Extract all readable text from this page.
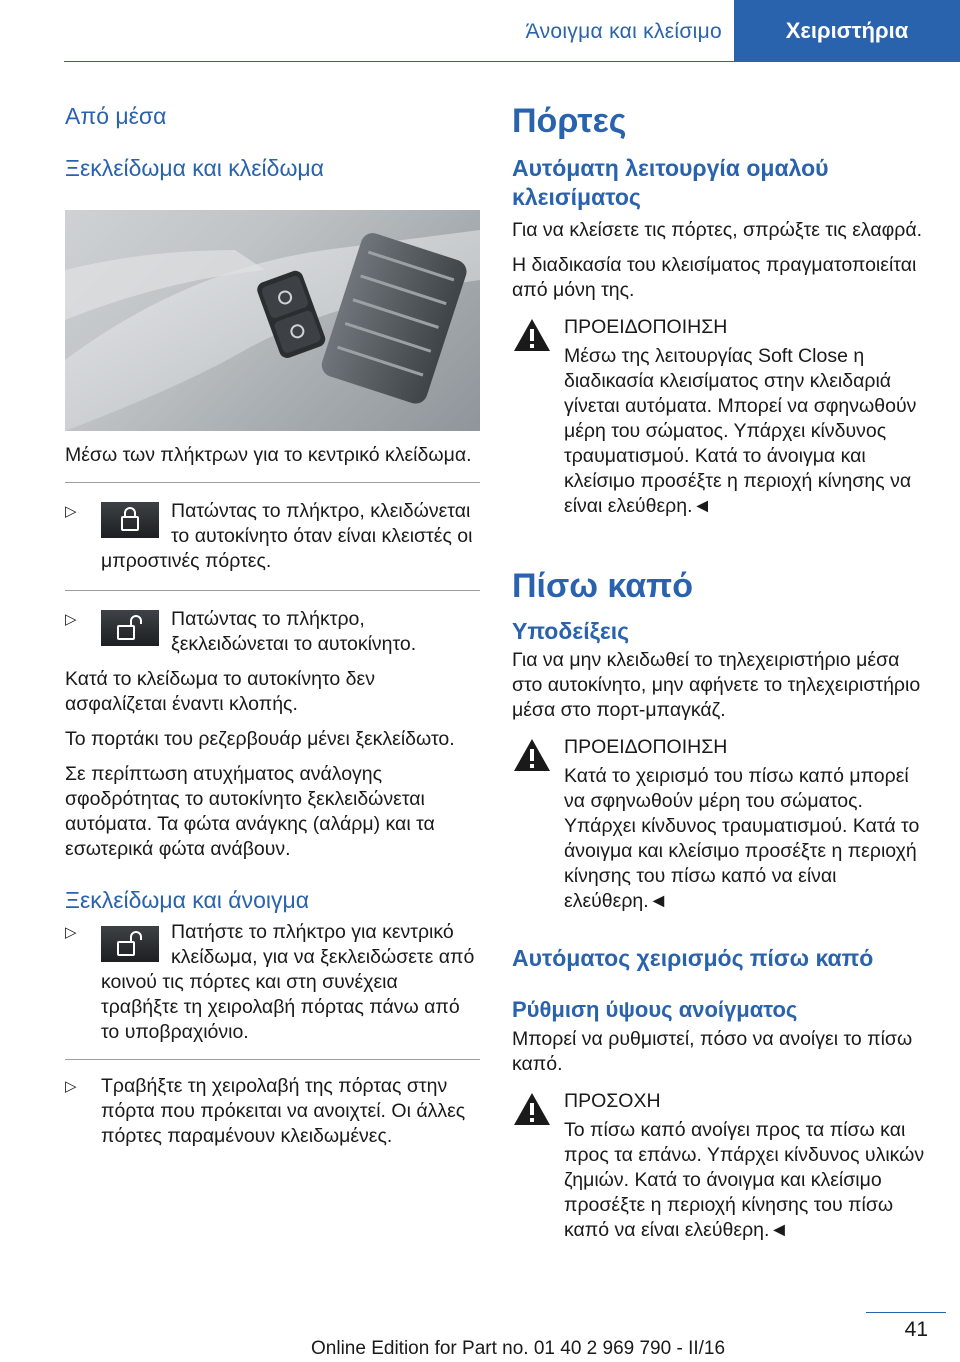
Άνοιγμα και κλείσιμο	Χειριστήρια
Από μέσα
Ξεκλείδωμα και κλείδωμα

Μέσω των πλήκτρων για το κεντρικό κλείδωμα.

▷	Πατώντας το πλήκτρο, κλειδώνεται το αυτοκίνητο όταν είναι κλειστές οι μπροστινές πόρτες.

▷	Πατώντας το πλήκτρο, ξεκλειδώνεται το αυτοκίνητο.

Κατά το κλείδωμα το αυτοκίνητο δεν ασφαλίζεται έναντι κλοπής.

Το πορτάκι του ρεζερβουάρ μένει ξεκλείδωτο.

Σε περίπτωση ατυχήματος ανάλογης σφοδρότητας το αυτοκίνητο ξεκλειδώνεται αυτόματα. Τα φώτα ανάγκης (αλάρμ) και τα εσωτερικά φώτα ανάβουν.

Ξεκλείδωμα και άνοιγμα
▷	Πατήστε το πλήκτρο για κεντρικό κλείδωμα, για να ξεκλειδώσετε από κοινού τις πόρτες και στη συνέχεια τραβήξτε τη χειρολαβή πόρτας πάνω από το υποβραχιόνιο.

▷ Τραβήξτε τη χειρολαβή της πόρτας στην πόρτα που πρόκειται να ανοιχτεί. Οι άλλες πόρτες παραμένουν κλειδωμένες.

Πόρτες
Αυτόματη λειτουργία ομαλού κλεισίματος

Για να κλείσετε τις πόρτες, σπρώξτε τις ελαφρά.

Η διαδικασία του κλεισίματος πραγματοποιείται από μόνη της.

ΠΡΟΕΙΔΟΠΟΙΗΣΗ

Μέσω της λειτουργίας Soft Close η διαδικασία κλεισίματος στην κλειδαριά γίνεται αυτόματα. Μπορεί να σφηνωθούν μέρη του σώματος. Υπάρχει κίνδυνος τραυματισμού. Κατά το άνοιγμα και κλείσιμο προσέξτε η περιοχή κίνησης να είναι ελεύθερη.◄

Πίσω καπό
Υποδείξεις

Για να μην κλειδωθεί το τηλεχειριστήριο μέσα στο αυτοκίνητο, μην αφήνετε το τηλεχειριστήριο μέσα στο πορτ-μπαγκάζ.

ΠΡΟΕΙΔΟΠΟΙΗΣΗ

Κατά το χειρισμό του πίσω καπό μπορεί να σφηνωθούν μέρη του σώματος. Υπάρχει κίνδυνος τραυματισμού. Κατά το άνοιγμα και κλείσιμο προσέξτε η περιοχή κίνησης του πίσω καπό να είναι ελεύθερη.◄

Αυτόματος χειρισμός πίσω καπό
Ρύθμιση ύψους ανοίγματος

Μπορεί να ρυθμιστεί, πόσο να ανοίγει το πίσω καπό.

ΠΡΟΣΟΧΗ

Το πίσω καπό ανοίγει προς τα πίσω και προς τα επάνω. Υπάρχει κίνδυνος υλικών ζημιών. Κατά το άνοιγμα και κλείσιμο προσέξτε η περιοχή κίνησης του πίσω καπό να είναι ελεύθερη.◄

41
Online Edition for Part no. 01 40 2 969 790 - II/16
